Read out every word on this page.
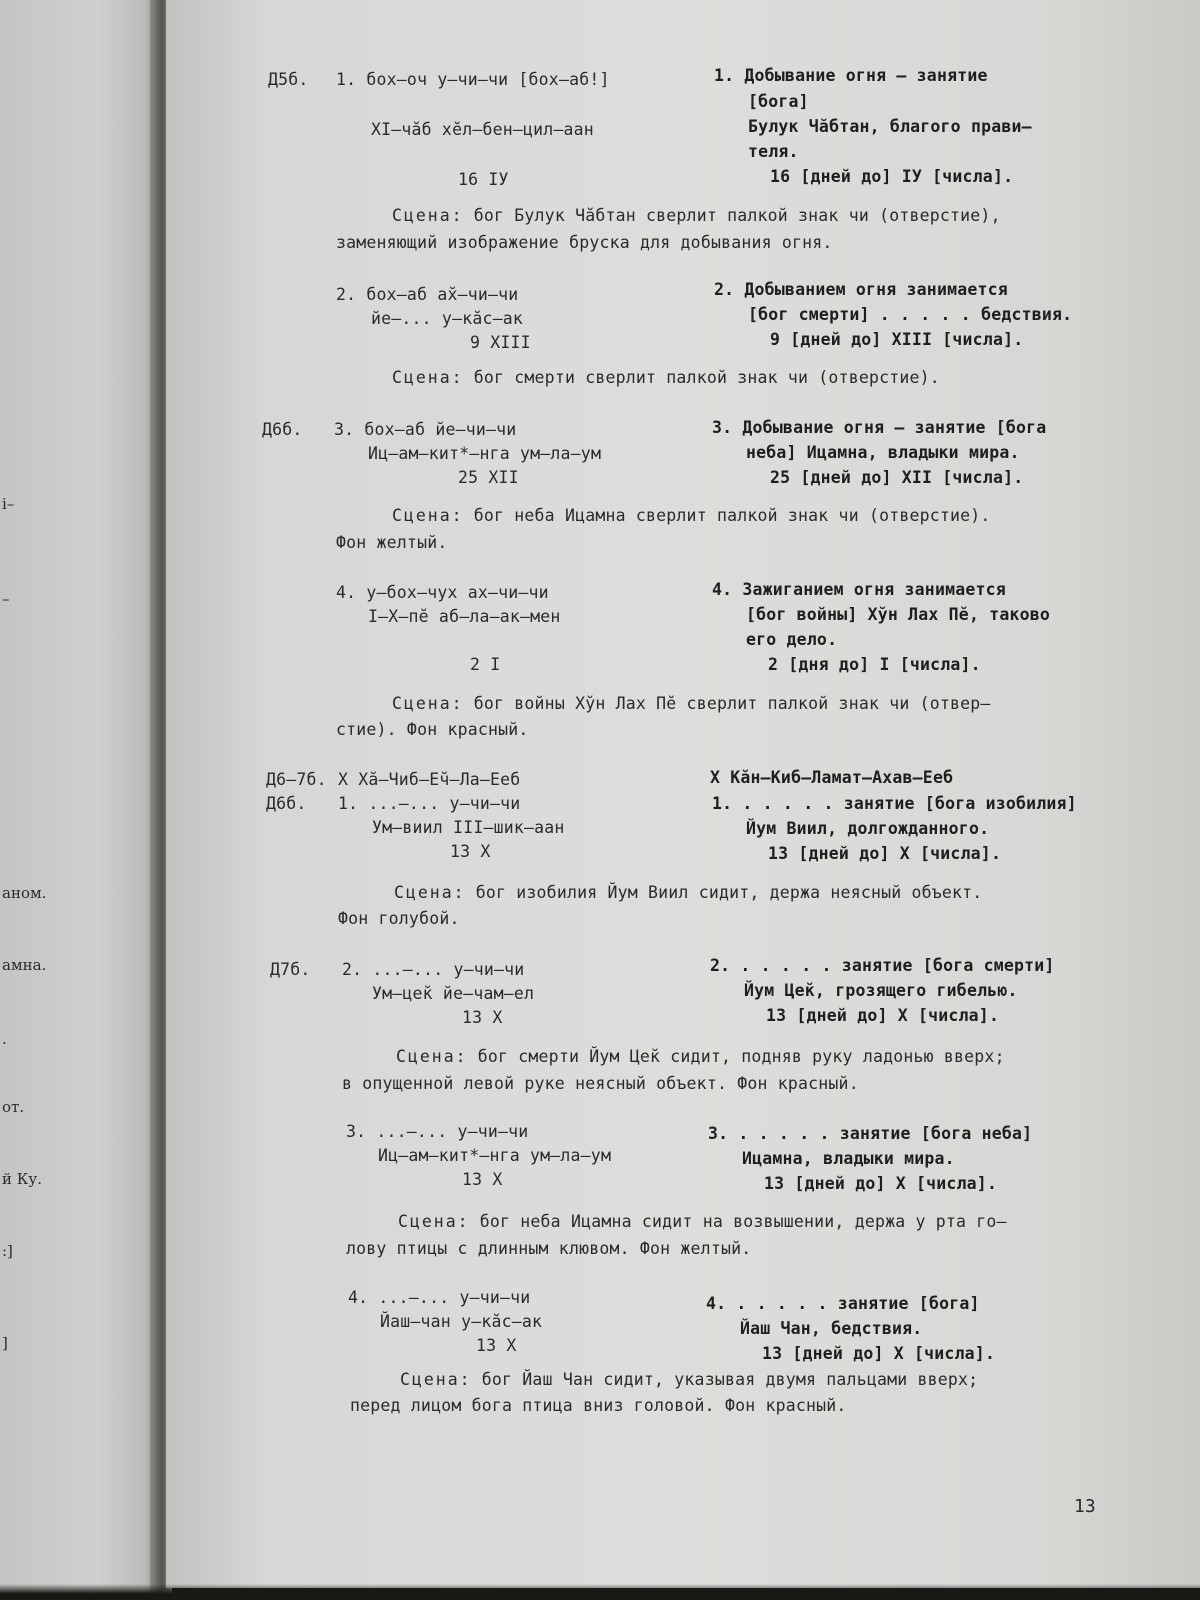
і–
–
аном.
амна.
.
от.
й Ку.
:]
]
Д5б. 1. бох–оч у–чи–чи [бох–аб!]
XI–чӑб хӗл–бен–цил–аан
16 IУ
1. Добывание огня – занятие
[бога]
Булук Чӑбтан, благого прави–
теля.
16 [дней до] IУ [числа].
Сцена: бог Булук Чӑбтан сверлит палкой знак чи (отверстие),
заменяющий изображение бруска для добывания огня.
2. бох–аб ах̆–чи–чи
йе–... у–кӑс–ак
9 XIII
2. Добыванием огня занимается
[бог смерти] . . . . . бедствия.
9 [дней до] XIII [числа].
Сцена: бог смерти сверлит палкой знак чи (отверстие).
Д6б. 3. бох–аб йе–чи–чи
Иц–ам–кит*–нга ум–ла–ум
25 XII
3. Добывание огня – занятие [бога
неба] Ицамна, владыки мира.
25 [дней до] XII [числа].
Сцена: бог неба Ицамна сверлит палкой знак чи (отверстие).
Фон желтый.
4. у–бох–чух ах–чи–чи
I–X–пӗ аб–ла–ак–мен
2 I
4. Зажиганием огня занимается
[бог войны] Х̆ун Лах Пӗ, таково
его дело.
2 [дня до] I [числа].
Сцена: бог войны Х̆ун Лах Пӗ сверлит палкой знак чи (отвер–
стие). Фон красный.
Д6–7б. X Хӑ–Чиб–Еч̆–Ла–Еeб	X Кӑн–Киб–Ламат–Ахав–Еeб
Д6б. 1. ...–... у–чи–чи
Ум–виил III–шик–аан
13 X
1. . . . . . занятие [бога изобилия]
Йум Виил, долгожданного.
13 [дней до] X [числа].
Сцена: бог изобилия Йум Виил сидит, держа неясный объект.
Фон голубой.
Д7б. 2. ...–... у–чи–чи
Ум–цек̆ йе–чам–ел
13 X
2. . . . . . занятие [бога смерти]
Йум Цек̆, грозящего гибелью.
13 [дней до] X [числа].
Сцена: бог смерти Йум Цек̆ сидит, подняв руку ладонью вверх;
в опущенной левой руке неясный объект. Фон красный.
3. ...–... у–чи–чи
Иц–ам–кит*–нга ум–ла–ум
13 X
3. . . . . . занятие [бога неба]
Ицамна, владыки мира.
13 [дней до] X [числа].
Сцена: бог неба Ицамна сидит на возвышении, держа у рта го–
лову птицы с длинным клювом. Фон желтый.
4. ...–... у–чи–чи
Йаш–чан у–кӑс–ак
13 X
4. . . . . . занятие [бога]
Йаш Чан, бедствия.
13 [дней до] X [числа].
Сцена: бог Йаш Чан сидит, указывая двумя пальцами вверх;
перед лицом бога птица вниз головой. Фон красный.
13
